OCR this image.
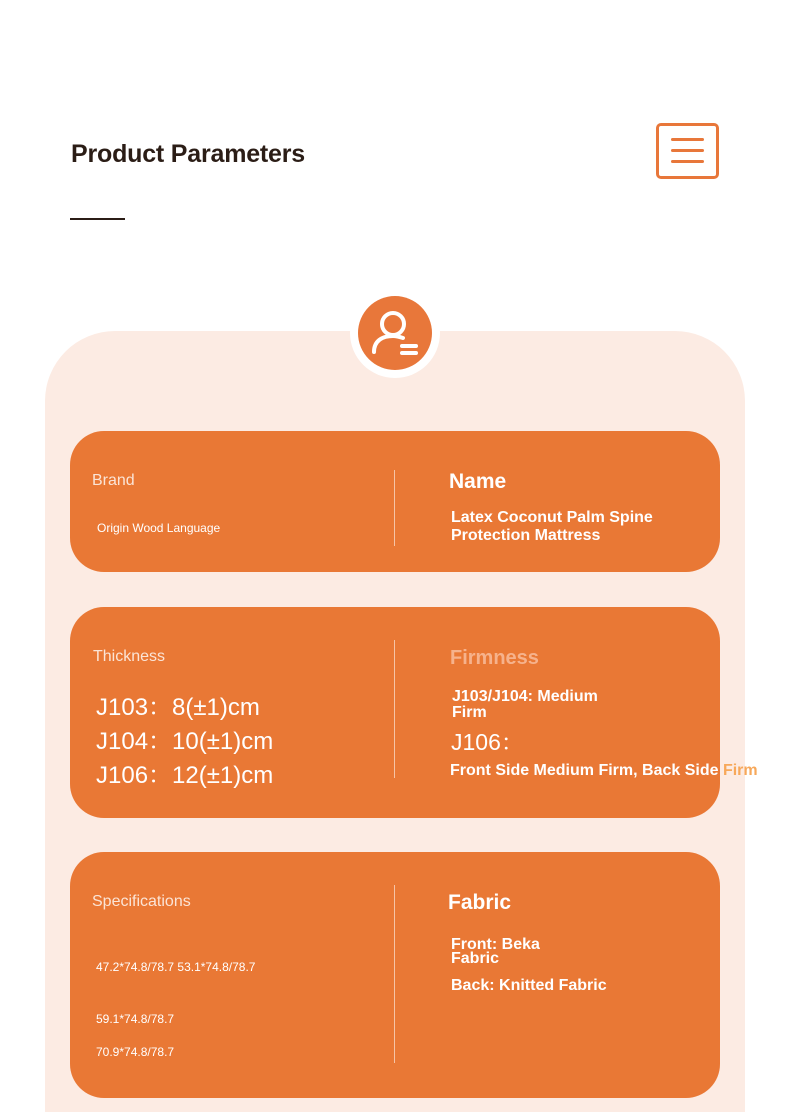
Product Parameters
Brand
Origin Wood Language
Name
Latex Coconut Palm Spine
Protection Mattress
Thickness
J103：8(±1)cm
J104：10(±1)cm
J106：12(±1)cm
Firmness
J103/J104: Medium
Firm
J106：
Front Side Medium Firm, Back Side Firm
Specifications
47.2*74.8/78.7 53.1*74.8/78.7
59.1*74.8/78.7
70.9*74.8/78.7
Fabric
Front: Beka
Fabric
Back: Knitted Fabric
